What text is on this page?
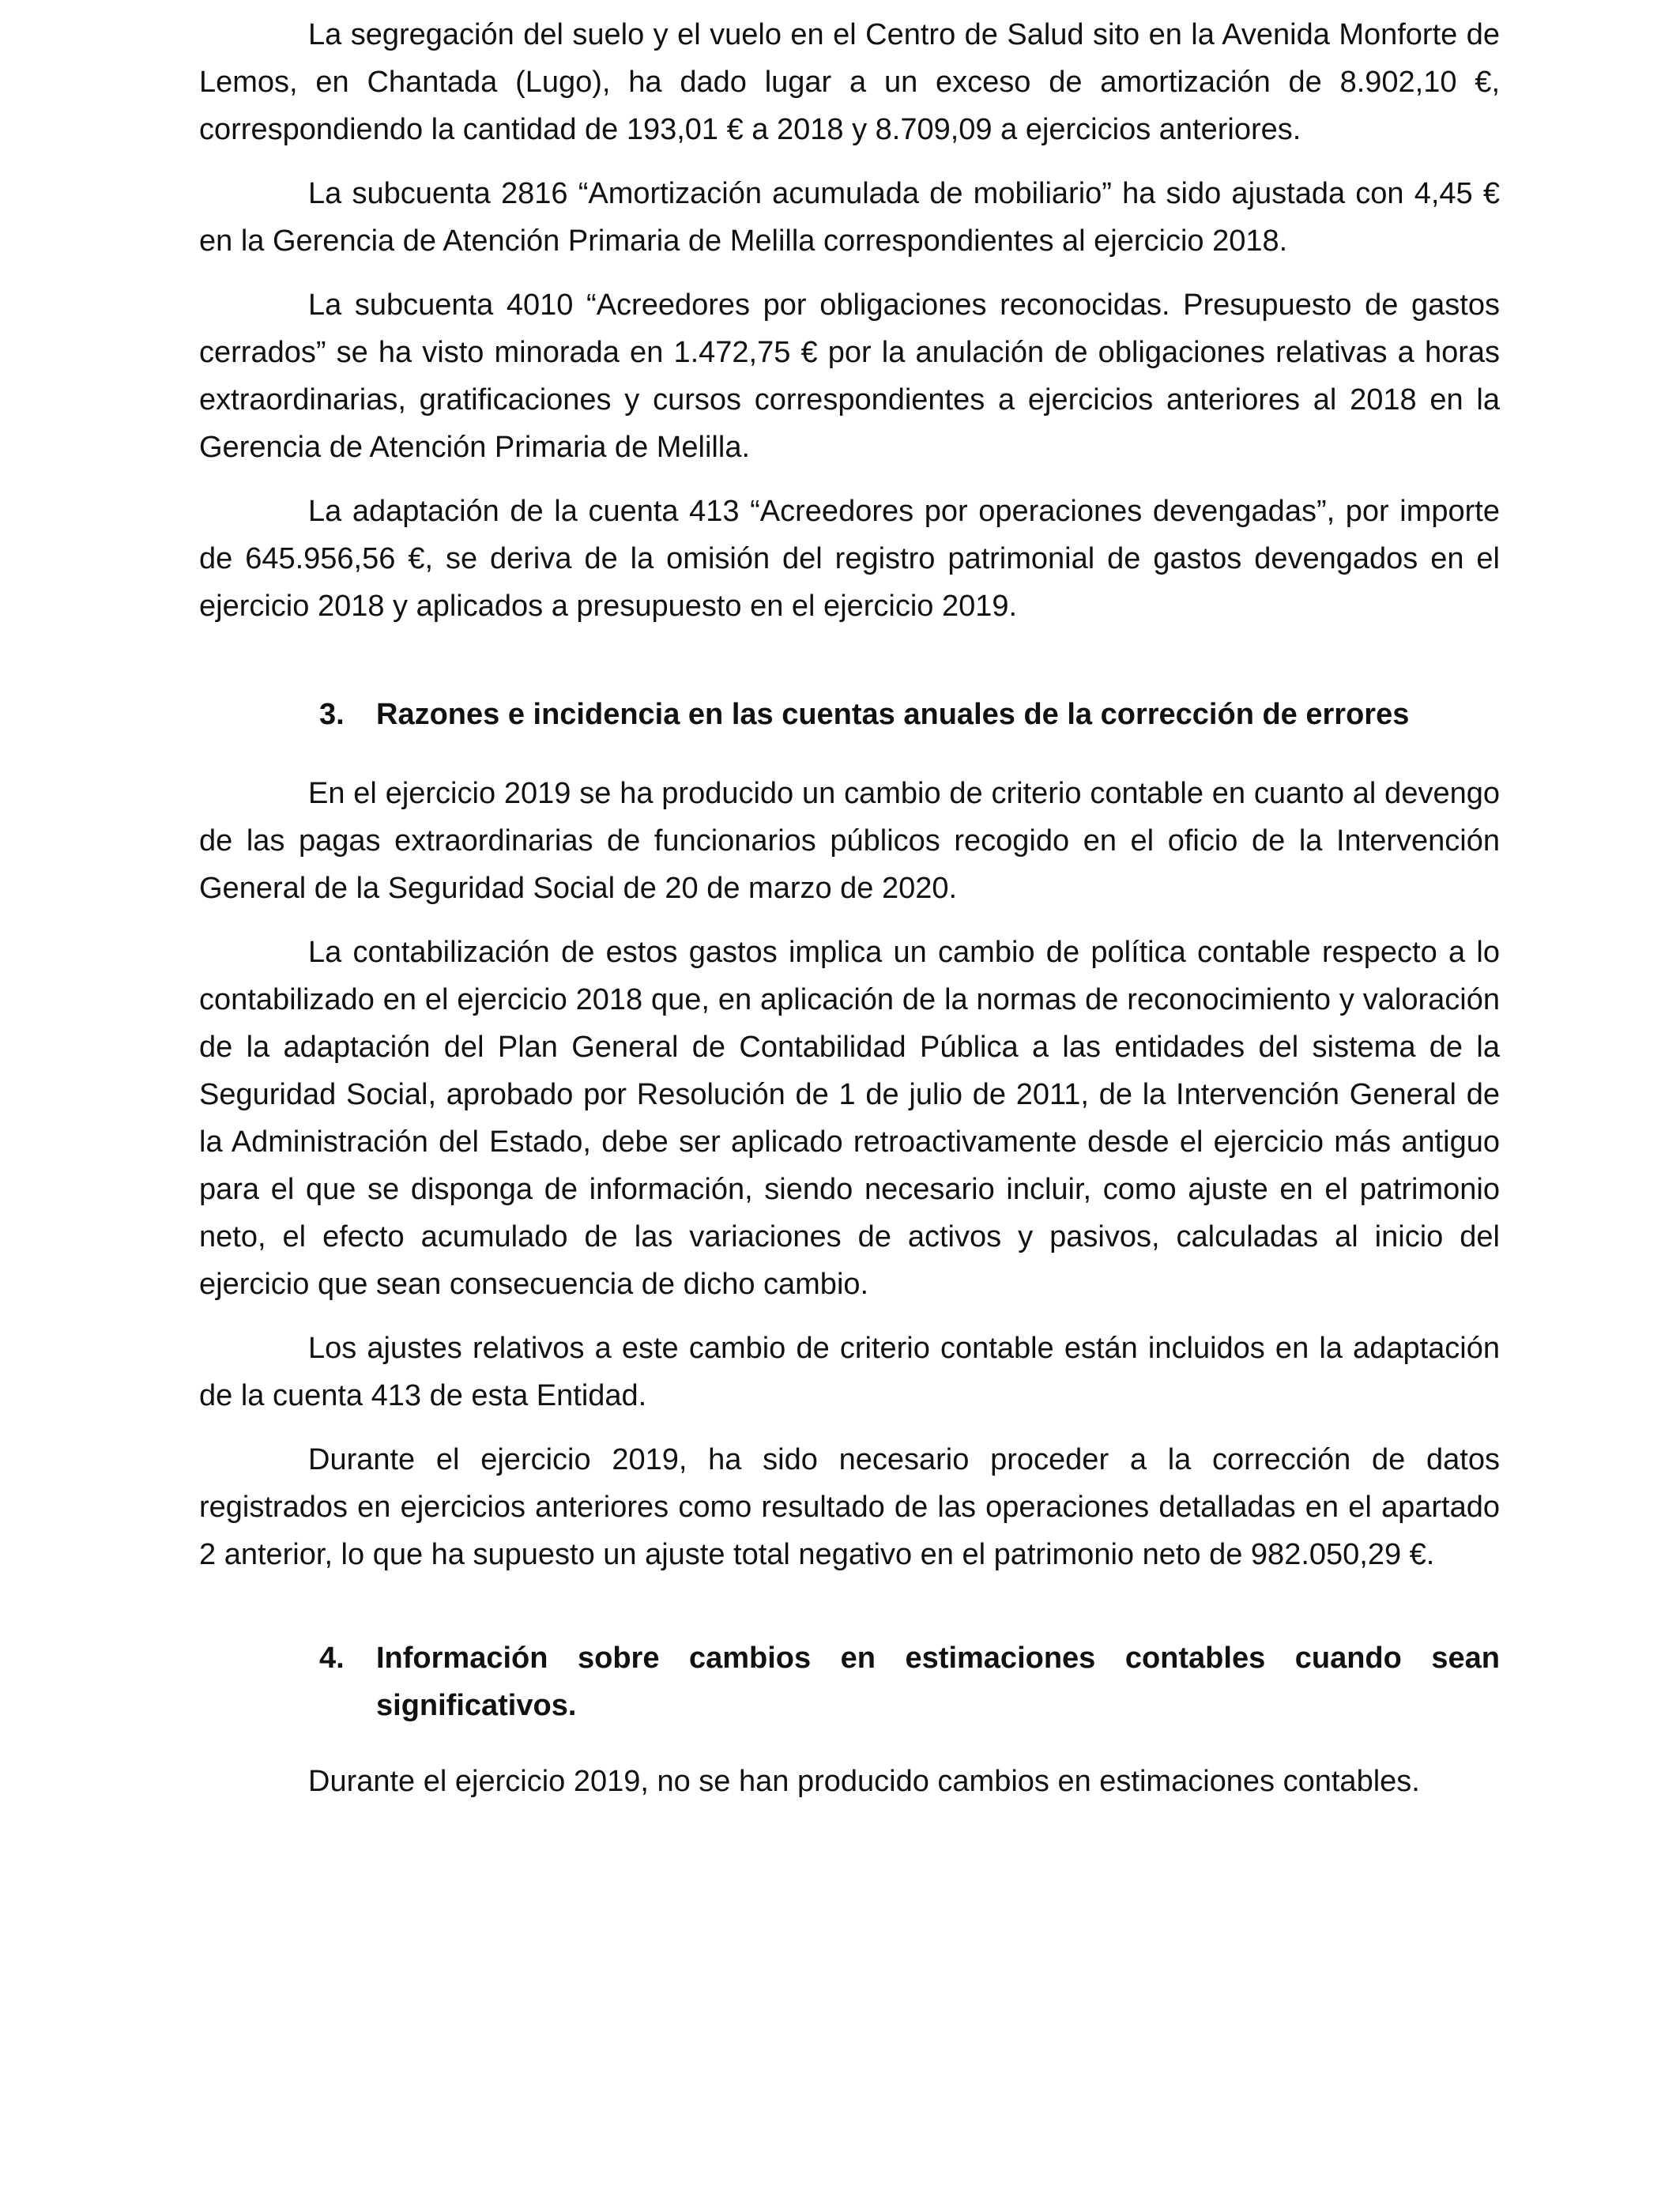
La segregación del suelo y el vuelo en el Centro de Salud sito en la Avenida Monforte de Lemos, en Chantada (Lugo), ha dado lugar a un exceso de amortización de 8.902,10 €, correspondiendo la cantidad de 193,01 € a 2018 y 8.709,09 a ejercicios anteriores.

La subcuenta 2816 “Amortización acumulada de mobiliario” ha sido ajustada con 4,45 € en la Gerencia de Atención Primaria de Melilla correspondientes al ejercicio 2018.

La subcuenta 4010 “Acreedores por obligaciones reconocidas. Presupuesto de gastos cerrados” se ha visto minorada en 1.472,75 € por la anulación de obligaciones relativas a horas extraordinarias, gratificaciones y cursos correspondientes a ejercicios anteriores al 2018 en la Gerencia de Atención Primaria de Melilla.

La adaptación de la cuenta 413 “Acreedores por operaciones devengadas”, por importe de 645.956,56 €, se deriva de la omisión del registro patrimonial de gastos devengados en el ejercicio 2018 y aplicados a presupuesto en el ejercicio 2019.

3.	Razones e incidencia en las cuentas anuales de la corrección de errores

En el ejercicio 2019 se ha producido un cambio de criterio contable en cuanto al devengo de las pagas extraordinarias de funcionarios públicos recogido en el oficio de la Intervención General de la Seguridad Social de 20 de marzo de 2020.

La contabilización de estos gastos implica un cambio de política contable respecto a lo contabilizado en el ejercicio 2018 que, en aplicación de la normas de reconocimiento y valoración de la adaptación del Plan General de Contabilidad Pública a las entidades del sistema de la Seguridad Social, aprobado por Resolución de 1 de julio de 2011, de la Intervención General de la Administración del Estado, debe ser aplicado retroactivamente desde el ejercicio más antiguo para el que se disponga de información, siendo necesario incluir, como ajuste en el patrimonio neto, el efecto acumulado de las variaciones de activos y pasivos, calculadas al inicio del ejercicio que sean consecuencia de dicho cambio.

Los ajustes relativos a este cambio de criterio contable están incluidos en la adaptación de la cuenta 413 de esta Entidad.

Durante el ejercicio 2019, ha sido necesario proceder a la corrección de datos registrados en ejercicios anteriores como resultado de las operaciones detalladas en el apartado 2 anterior, lo que ha supuesto un ajuste total negativo en el patrimonio neto de 982.050,29 €.

4.	Información sobre cambios en estimaciones contables cuando sean significativos.

Durante el ejercicio 2019, no se han producido cambios en estimaciones contables.
